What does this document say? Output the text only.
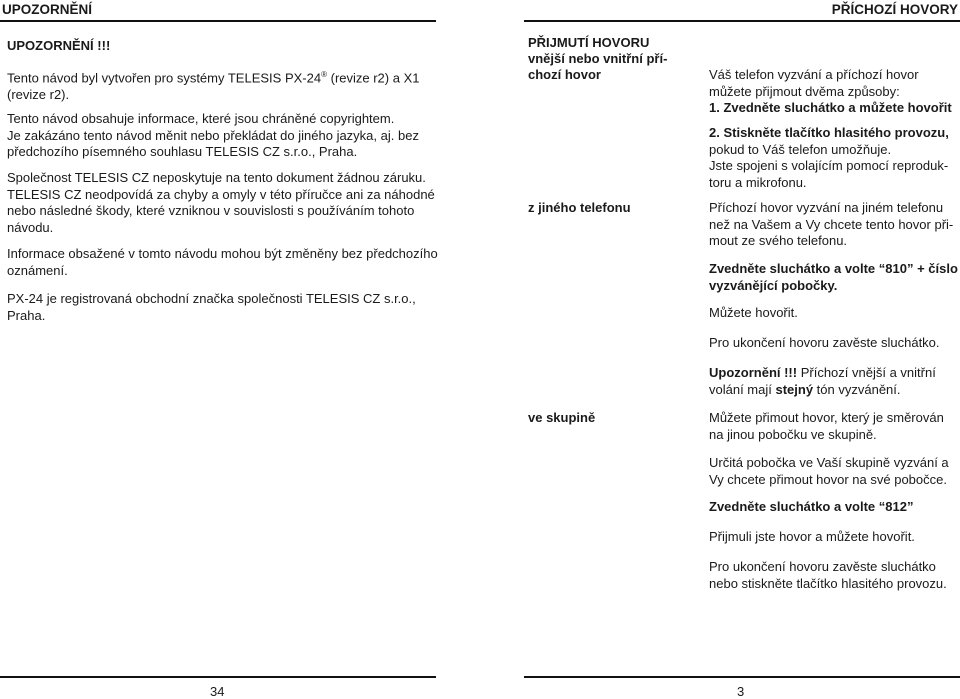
UPOZORNĚNÍ	PŘÍCHOZÍ HOVORY
UPOZORNĚNÍ !!!

Tento návod byl vytvořen pro systémy TELESIS PX-24® (revize r2) a X1

(revize r2).

Tento návod obsahuje informace, které jsou chráněné copyrightem.

Je zakázáno tento návod měnit nebo překládat do jiného jazyka, aj. bez

předchozího písemného souhlasu TELESIS CZ s.r.o., Praha.

Společnost TELESIS CZ neposkytuje na tento dokument žádnou záruku.

TELESIS CZ neodpovídá za chyby a omyly v této příručce ani za náhodné

nebo následné škody, které vzniknou v souvislosti s používáním tohoto

návodu.

Informace obsažené v tomto návodu mohou být změněny bez předchozího

oznámení.

PX-24 je registrovaná obchodní značka společnosti TELESIS CZ s.r.o.,

Praha.

PŘIJMUTÍ HOVORU

vnější nebo vnitřní pří-

chozí hovor

z jiného telefonu
ve skupině

Váš telefon vyzvání a příchozí hovor

můžete přijmout dvěma způsoby:

1. Zvedněte sluchátko a můžete hovořit

2. Stiskněte tlačítko hlasitého provozu,

pokud to Váš telefon umožňuje.

Jste spojeni s volajícím pomocí reproduk-

toru a mikrofonu.

Příchozí hovor vyzvání na jiném telefonu

než na Vašem a Vy chcete tento hovor při-

mout ze svého telefonu.

Zvedněte sluchátko a volte “810” + číslo

vyzvánějící pobočky.

Můžete hovořit.
Pro ukončení hovoru zavěste sluchátko.

Upozornění !!! Příchozí vnější a vnitřní

volání mají stejný tón vyzvánění.

Můžete přimout hovor, který je směrován

na jinou pobočku ve skupině.

Určitá pobočka ve Vaší skupině vyzvání a

Vy chcete přimout hovor na své pobočce.

Zvedněte sluchátko a volte “812”
Přijmuli jste hovor a můžete hovořit.

Pro ukončení hovoru zavěste sluchátko

nebo stiskněte tlačítko hlasitého provozu.

34	3
